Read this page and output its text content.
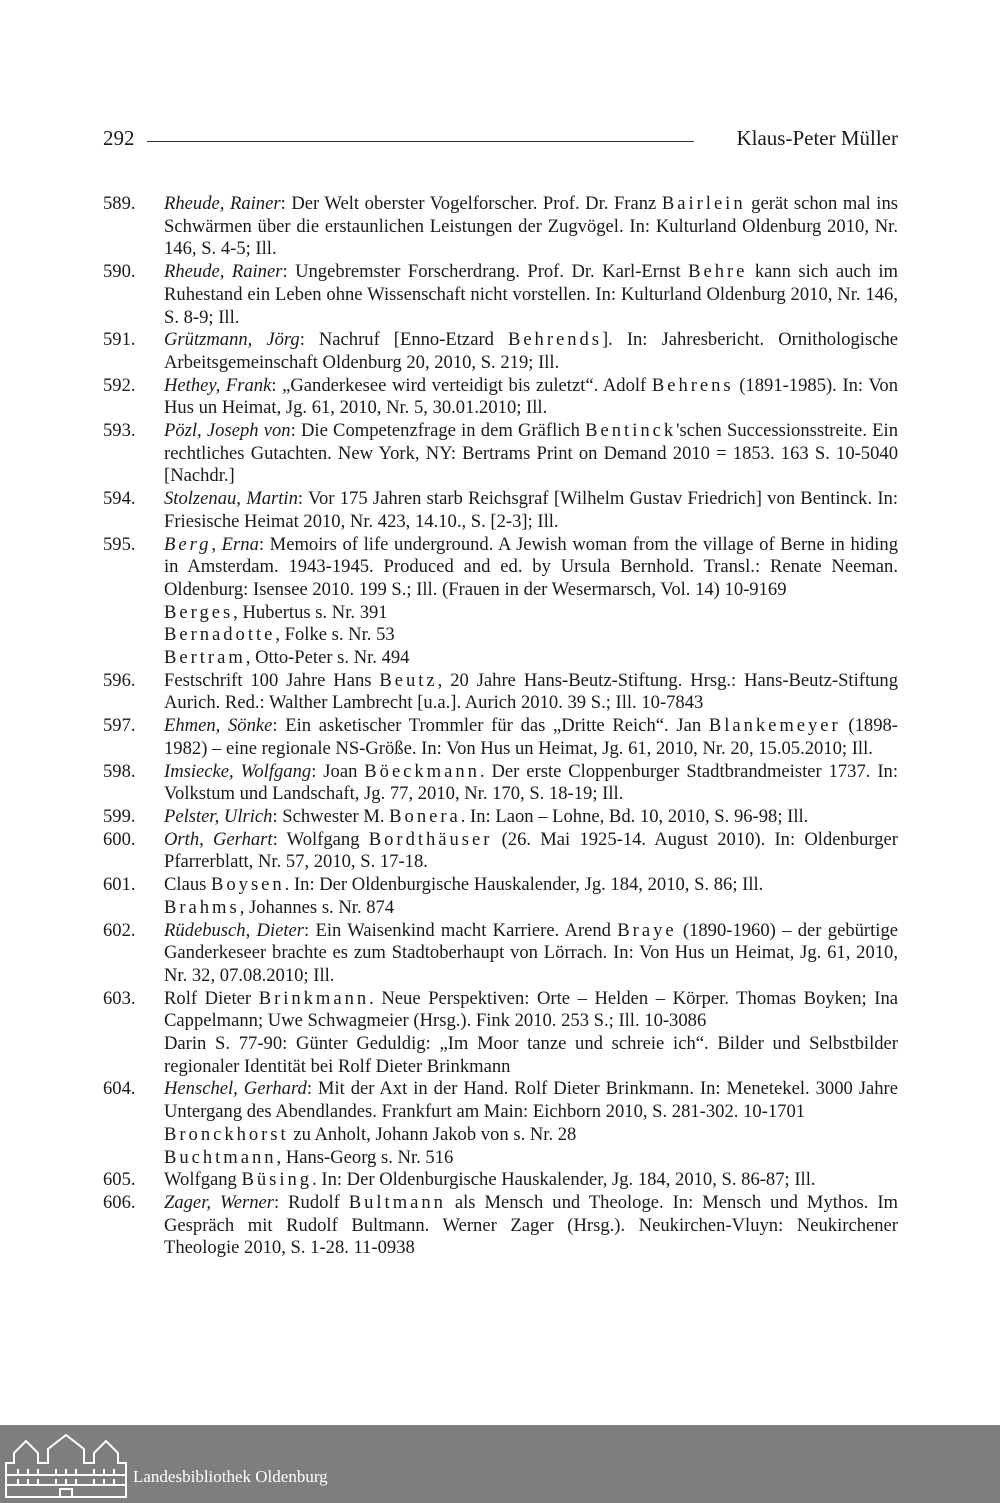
292	Klaus-Peter Müller
589. Rheude, Rainer: Der Welt oberster Vogelforscher. Prof. Dr. Franz Bairlein gerät schon mal ins Schwärmen über die erstaunlichen Leistungen der Zugvögel. In: Kulturland Oldenburg 2010, Nr. 146, S. 4-5; Ill.
590. Rheude, Rainer: Ungebremster Forscherdrang. Prof. Dr. Karl-Ernst Behre kann sich auch im Ruhestand ein Leben ohne Wissenschaft nicht vorstellen. In: Kulturland Oldenburg 2010, Nr. 146, S. 8-9; Ill.
591. Grützmann, Jörg: Nachruf [Enno-Etzard Behrends]. In: Jahresbericht. Ornithologische Arbeitsgemeinschaft Oldenburg 20, 2010, S. 219; Ill.
592. Hethey, Frank: „Ganderkesee wird verteidigt bis zuletzt“. Adolf Behrens (1891-1985). In: Von Hus un Heimat, Jg. 61, 2010, Nr. 5, 30.01.2010; Ill.
593. Pözl, Joseph von: Die Competenzfrage in dem Gräflich Bentinck'schen Successionsstreite. Ein rechtliches Gutachten. New York, NY: Bertrams Print on Demand 2010 = 1853. 163 S. 10-5040 [Nachdr.]
594. Stolzenau, Martin: Vor 175 Jahren starb Reichsgraf [Wilhelm Gustav Friedrich] von Bentinck. In: Friesische Heimat 2010, Nr. 423, 14.10., S. [2-3]; Ill.
595. Berg, Erna: Memoirs of life underground. A Jewish woman from the village of Berne in hiding in Amsterdam. 1943-1945. Produced and ed. by Ursula Bernhold. Transl.: Renate Neeman. Oldenburg: Isensee 2010. 199 S.; Ill. (Frauen in der Wesermarsch, Vol. 14) 10-9169
Berges, Hubertus s. Nr. 391
Bernadotte, Folke s. Nr. 53
Bertram, Otto-Peter s. Nr. 494
596. Festschrift 100 Jahre Hans Beutz, 20 Jahre Hans-Beutz-Stiftung. Hrsg.: Hans-Beutz-Stiftung Aurich. Red.: Walther Lambrecht [u.a.]. Aurich 2010. 39 S.; Ill. 10-7843
597. Ehmen, Sönke: Ein asketischer Trommler für das „Dritte Reich“. Jan Blankemeyer (1898-1982) – eine regionale NS-Größe. In: Von Hus un Heimat, Jg. 61, 2010, Nr. 20, 15.05.2010; Ill.
598. Imsiecke, Wolfgang: Joan Böeckmann. Der erste Cloppenburger Stadtbrandmeister 1737. In: Volkstum und Landschaft, Jg. 77, 2010, Nr. 170, S. 18-19; Ill.
599. Pelster, Ulrich: Schwester M. Bonera. In: Laon – Lohne, Bd. 10, 2010, S. 96-98; Ill.
600. Orth, Gerhart: Wolfgang Bordthäuser (26. Mai 1925-14. August 2010). In: Oldenburger Pfarrerblatt, Nr. 57, 2010, S. 17-18.
601. Claus Boysen. In: Der Oldenburgische Hauskalender, Jg. 184, 2010, S. 86; Ill.
Brahms, Johannes s. Nr. 874
602. Rüdebusch, Dieter: Ein Waisenkind macht Karriere. Arend Braye (1890-1960) – der gebürtige Ganderkeseer brachte es zum Stadtoberhaupt von Lörrach. In: Von Hus un Heimat, Jg. 61, 2010, Nr. 32, 07.08.2010; Ill.
603. Rolf Dieter Brinkmann. Neue Perspektiven: Orte – Helden – Körper. Thomas Boyken; Ina Cappelmann; Uwe Schwagmeier (Hrsg.). Fink 2010. 253 S.; Ill. 10-3086
Darin S. 77-90: Günter Geduldig: „Im Moor tanze und schreie ich“. Bilder und Selbstbilder regionaler Identität bei Rolf Dieter Brinkmann
604. Henschel, Gerhard: Mit der Axt in der Hand. Rolf Dieter Brinkmann. In: Menetekel. 3000 Jahre Untergang des Abendlandes. Frankfurt am Main: Eichborn 2010, S. 281-302. 10-1701
Bronckhorst zu Anholt, Johann Jakob von s. Nr. 28
Buchtmann, Hans-Georg s. Nr. 516
605. Wolfgang Büsing. In: Der Oldenburgische Hauskalender, Jg. 184, 2010, S. 86-87; Ill.
606. Zager, Werner: Rudolf Bultmann als Mensch und Theologe. In: Mensch und Mythos. Im Gespräch mit Rudolf Bultmann. Werner Zager (Hrsg.). Neukirchen-Vluyn: Neukirchener Theologie 2010, S. 1-28. 11-0938
Landesbibliothek Oldenburg
